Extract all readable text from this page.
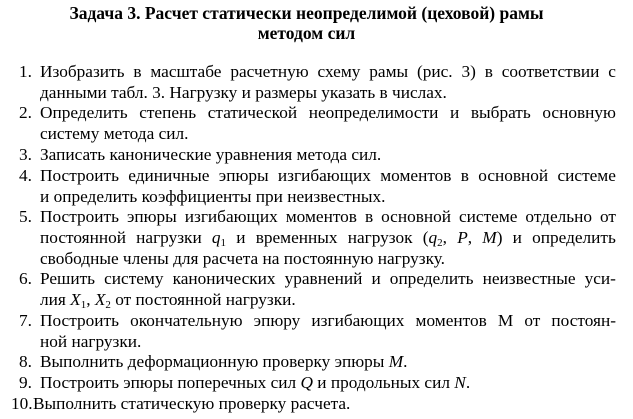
Задача 3. Расчет статически неопределимой (цеховой) рамы
методом сил
1. Изобразить в масштабе расчетную схему рамы (рис. 3) в соответствии с
данными табл. 3. Нагрузку и размеры указать в числах.
2. Определить степень статической неопределимости и выбрать основную
систему метода сил.
3. Записать канонические уравнения метода сил.
4. Построить единичные эпюры изгибающих моментов в основной системе
и определить коэффициенты при неизвестных.
5. Построить эпюры изгибающих моментов в основной системе отдельно от
постоянной нагрузки $q_1$ и временных нагрузок ($q_2$, P, M) и определить
свободные члены для расчета на постоянную нагрузку.
6. Решить систему канонических уравнений и определить неизвестные уси-
лия $X_1$, $X_2$ от постоянной нагрузки.
7. Построить окончательную эпюру изгибающих моментов М от постоян-
ной нагрузки.
8. Выполнить деформационную проверку эпюры M.
9. Построить эпюры поперечных сил Q и продольных сил N.
10. Выполнить статическую проверку расчета.
